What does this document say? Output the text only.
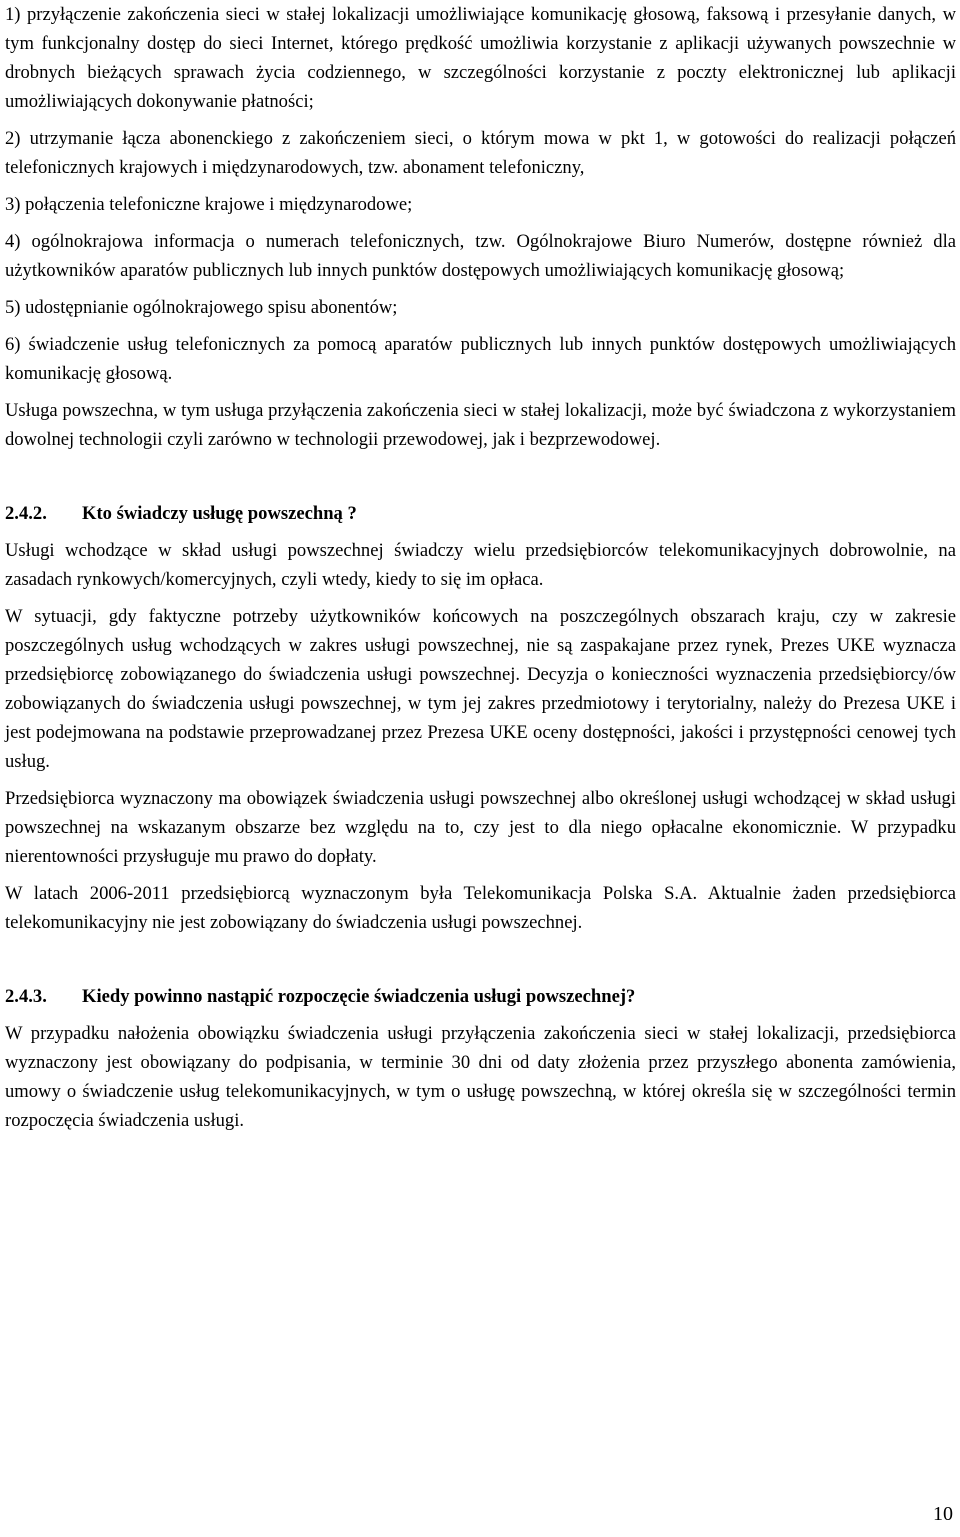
1) przyłączenie zakończenia sieci w stałej lokalizacji umożliwiające komunikację głosową, faksową i przesyłanie danych, w tym funkcjonalny dostęp do sieci Internet, którego prędkość umożliwia korzystanie z aplikacji używanych powszechnie w drobnych bieżących sprawach życia codziennego, w szczególności korzystanie z poczty elektronicznej lub aplikacji umożliwiających dokonywanie płatności;

2) utrzymanie łącza abonenckiego z zakończeniem sieci, o którym mowa w pkt 1, w gotowości do realizacji połączeń telefonicznych krajowych i międzynarodowych, tzw. abonament telefoniczny,

3) połączenia telefoniczne krajowe i międzynarodowe;

4) ogólnokrajowa informacja o numerach telefonicznych, tzw. Ogólnokrajowe Biuro Numerów, dostępne również dla użytkowników aparatów publicznych lub innych punktów dostępowych umożliwiających komunikację głosową;

5) udostępnianie ogólnokrajowego spisu abonentów;

6) świadczenie usług telefonicznych za pomocą aparatów publicznych lub innych punktów dostępowych umożliwiających komunikację głosową.

Usługa powszechna, w tym usługa przyłączenia zakończenia sieci w stałej lokalizacji, może być świadczona z wykorzystaniem dowolnej technologii czyli zarówno w technologii przewodowej, jak i bezprzewodowej.

2.4.2. Kto świadczy usługę powszechną ?

Usługi wchodzące w skład usługi powszechnej świadczy wielu przedsiębiorców telekomunikacyjnych dobrowolnie, na zasadach rynkowych/komercyjnych, czyli wtedy, kiedy to się im opłaca.

W sytuacji, gdy faktyczne potrzeby użytkowników końcowych na poszczególnych obszarach kraju, czy w zakresie poszczególnych usług wchodzących w zakres usługi powszechnej, nie są zaspakajane przez rynek, Prezes UKE wyznacza przedsiębiorcę zobowiązanego do świadczenia usługi powszechnej. Decyzja o konieczności wyznaczenia przedsiębiorcy/ów zobowiązanych do świadczenia usługi powszechnej, w tym jej zakres przedmiotowy i terytorialny, należy do Prezesa UKE i jest podejmowana na podstawie przeprowadzanej przez Prezesa UKE oceny dostępności, jakości i przystępności cenowej tych usług.

Przedsiębiorca wyznaczony ma obowiązek świadczenia usługi powszechnej albo określonej usługi wchodzącej w skład usługi powszechnej na wskazanym obszarze bez względu na to, czy jest to dla niego opłacalne ekonomicznie. W przypadku nierentowności przysługuje mu prawo do dopłaty.

W latach 2006-2011 przedsiębiorcą wyznaczonym była Telekomunikacja Polska S.A. Aktualnie żaden przedsiębiorca telekomunikacyjny nie jest zobowiązany do świadczenia usługi powszechnej.

2.4.3. Kiedy powinno nastąpić rozpoczęcie świadczenia usługi powszechnej?

W przypadku nałożenia obowiązku świadczenia usługi przyłączenia zakończenia sieci w stałej lokalizacji, przedsiębiorca wyznaczony jest obowiązany do podpisania, w terminie 30 dni od daty złożenia przez przyszłego abonenta zamówienia, umowy o świadczenie usług telekomunikacyjnych, w tym o usługę powszechną, w której określa się w szczególności termin rozpoczęcia świadczenia usługi.

10
